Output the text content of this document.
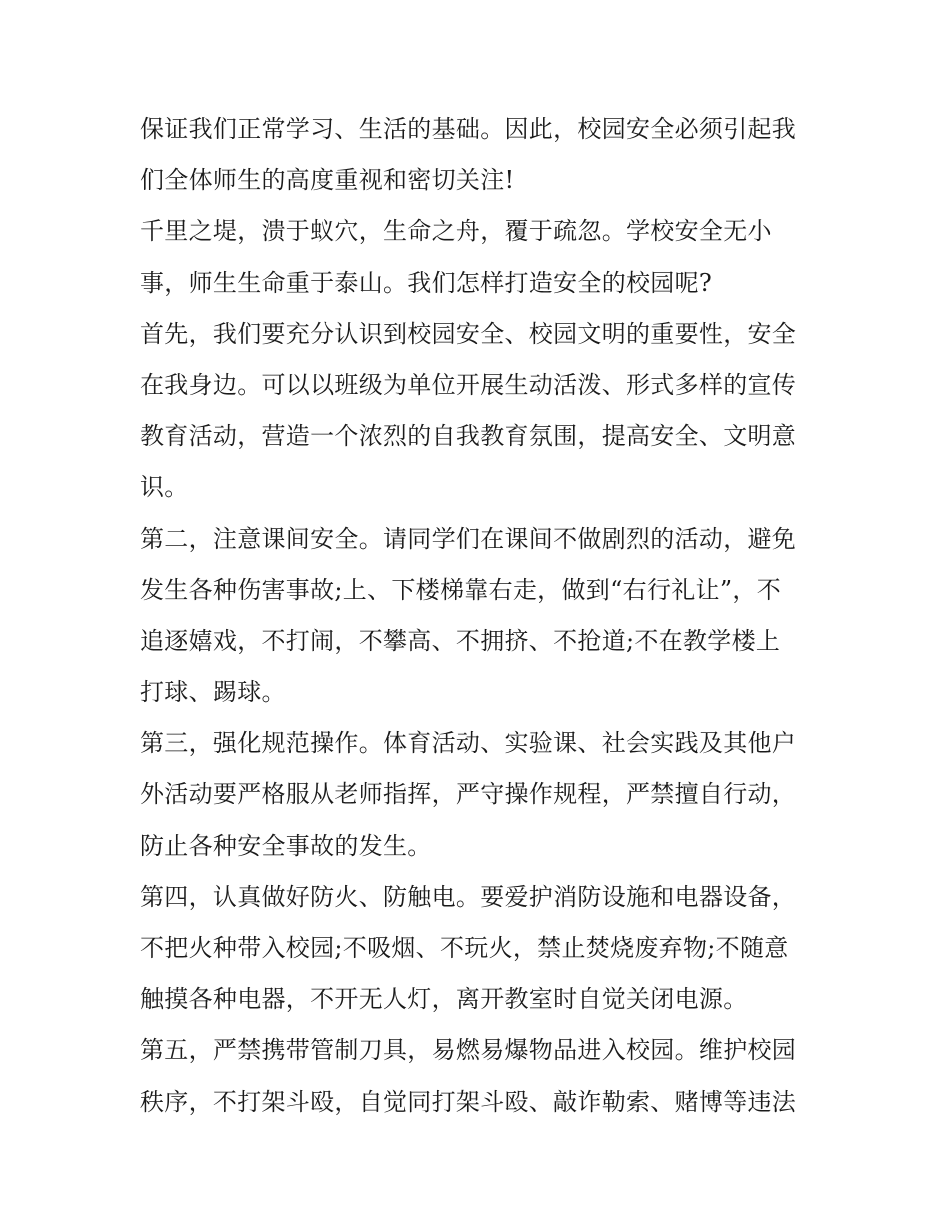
保证我们正常学习、生活的基础。因此，校园安全必须引起我
们全体师生的高度重视和密切关注!
千里之堤，溃于蚁穴，生命之舟，覆于疏忽。学校安全无小
事，师生生命重于泰山。我们怎样打造安全的校园呢?
首先，我们要充分认识到校园安全、校园文明的重要性，安全
在我身边。可以以班级为单位开展生动活泼、形式多样的宣传
教育活动，营造一个浓烈的自我教育氛围，提高安全、文明意
识。
第二，注意课间安全。请同学们在课间不做剧烈的活动，避免
发生各种伤害事故;上、下楼梯靠右走，做到“右行礼让”，不
追逐嬉戏，不打闹，不攀高、不拥挤、不抢道;不在教学楼上
打球、踢球。
第三，强化规范操作。体育活动、实验课、社会实践及其他户
外活动要严格服从老师指挥，严守操作规程，严禁擅自行动，
防止各种安全事故的发生。
第四，认真做好防火、防触电。要爱护消防设施和电器设备，
不把火种带入校园;不吸烟、不玩火，禁止焚烧废弃物;不随意
触摸各种电器，不开无人灯，离开教室时自觉关闭电源。
第五，严禁携带管制刀具，易燃易爆物品进入校园。维护校园
秩序，不打架斗殴，自觉同打架斗殴、敲诈勒索、赌博等违法
